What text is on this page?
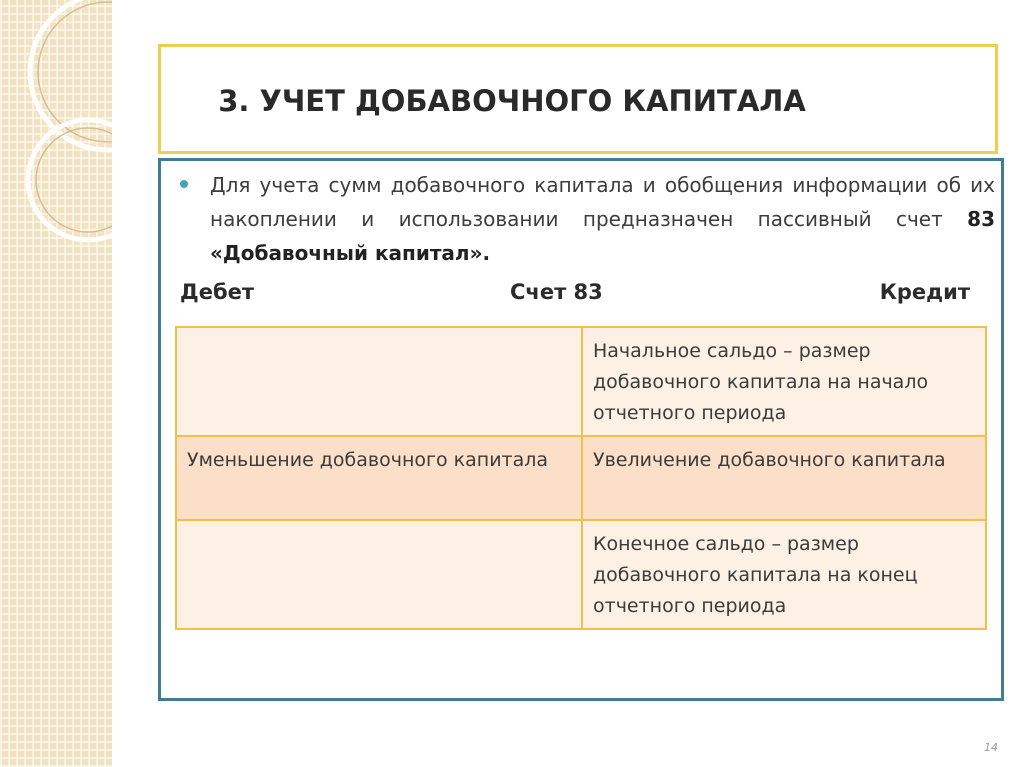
3. УЧЕТ ДОБАВОЧНОГО КАПИТАЛА

Для учета сумм добавочного капитала и обобщения информации об их накоплении и использовании предназначен пассивный счет 83 «Добавочный капитал».

Дебет	Счет 83	Кредит
	Начальное сальдо – размер добавочного капитала на начало отчетного периода
Уменьшение добавочного капитала	Увеличение добавочного капитала
	Конечное сальдо – размер добавочного капитала на конец отчетного периода
14
